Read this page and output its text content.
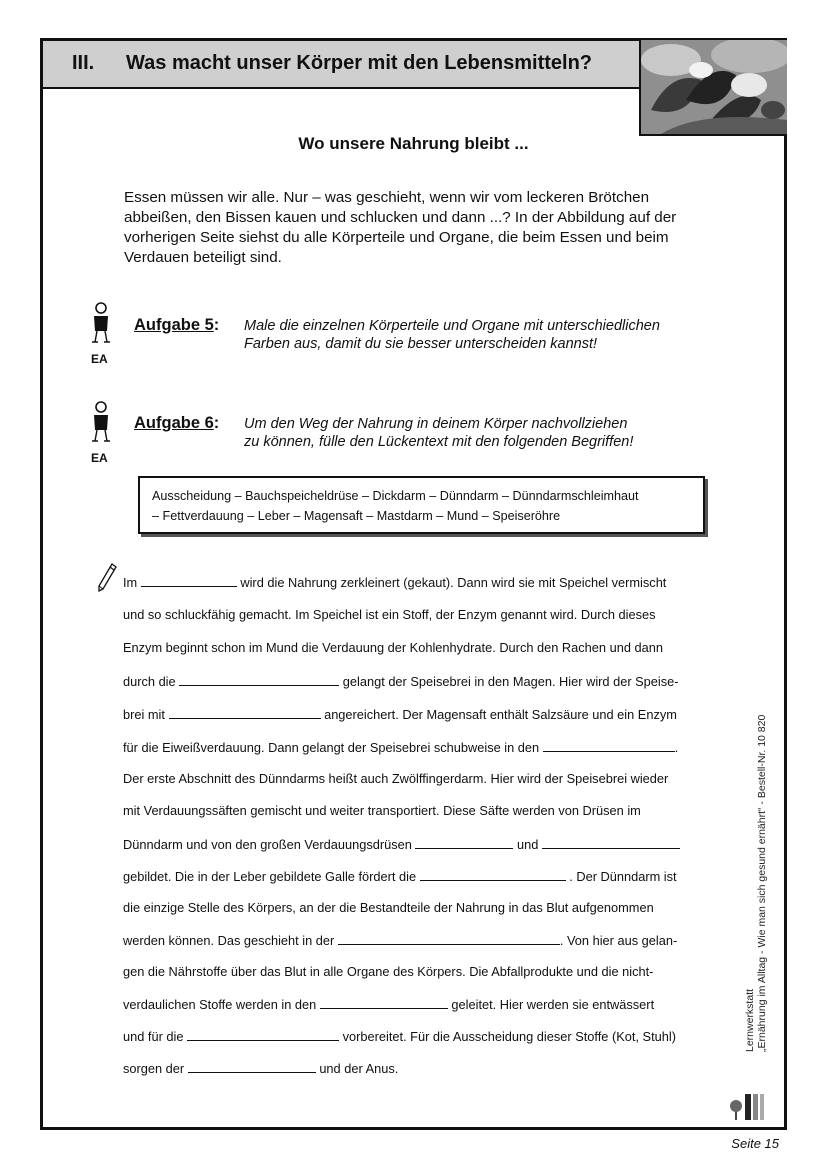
III. Was macht unser Körper mit den Lebensmitteln?
Wo unsere Nahrung bleibt ...
Essen müssen wir alle. Nur – was geschieht, wenn wir vom leckeren Brötchen
abbeißen, den Bissen kauen und schlucken und dann ...? In der Abbildung auf der
vorherigen Seite siehst du alle Körperteile und Organe, die beim Essen und beim
Verdauen beteiligt sind.
EA
Aufgabe 5: Male die einzelnen Körperteile und Organe mit unterschiedlichen
Farben aus, damit du sie besser unterscheiden kannst!
EA
Aufgabe 6: Um den Weg der Nahrung in deinem Körper nachvollziehen
zu können, fülle den Lückentext mit den folgenden Begriffen!
Ausscheidung – Bauchspeicheldrüse – Dickdarm – Dünndarm – Dünndarmschleimhaut
– Fettverdauung – Leber – Magensaft – Mastdarm – Mund – Speiseröhre
Im	wird die Nahrung zerkleinert (gekaut). Dann wird sie mit Speichel vermischt
und so schluckfähig gemacht. Im Speichel ist ein Stoff, der Enzym genannt wird. Durch dieses
Enzym beginnt schon im Mund die Verdauung der Kohlenhydrate. Durch den Rachen und dann
durch die	gelangt der Speisebrei in den Magen. Hier wird der Speise-
brei mit	angereichert. Der Magensaft enthält Salzsäure und ein Enzym
für die Eiweißverdauung. Dann gelangt der Speisebrei schubweise in den	.
Der erste Abschnitt des Dünndarms heißt auch Zwölffingerdarm. Hier wird der Speisebrei wieder
mit Verdauungssäften gemischt und weiter transportiert. Diese Säfte werden von Drüsen im
Dünndarm und von den großen Verdauungsdrüsen	und
gebildet. Die in der Leber gebildete Galle fördert die	. Der Dünndarm ist
die einzige Stelle des Körpers, an der die Bestandteile der Nahrung in das Blut aufgenommen
werden können. Das geschieht in der	. Von hier aus gelan-
gen die Nährstoffe über das Blut in alle Organe des Körpers. Die Abfallprodukte und die nicht-
verdaulichen Stoffe werden in den	geleitet. Hier werden sie entwässert
und für die	vorbereitet. Für die Ausscheidung dieser Stoffe (Kot, Stuhl)
sorgen der	und der Anus.
Lernwerkstatt „Ernährung im Alltag - Wie man sich gesund ernährt“ - Bestell-Nr. 10 820
Seite 15
